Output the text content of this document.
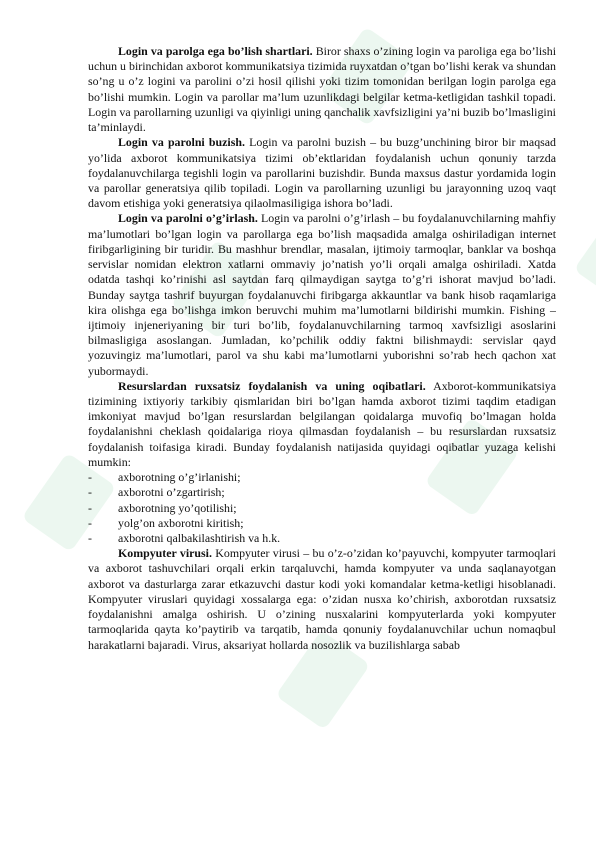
Login va parolga ega bo’lish shartlari. Biror shaxs o’zining login va paroliga ega bo’lishi uchun u birinchidan axborot kommunikatsiya tizimida ruyxatdan o’tgan bo’lishi kerak va shundan so’ng u o’z logini va parolini o’zi hosil qilishi yoki tizim tomonidan berilgan login parolga ega bo’lishi mumkin. Login va parollar ma’lum uzunlikdagi belgilar ketma-ketligidan tashkil topadi. Login va parollarning uzunligi va qiyinligi uning qanchalik xavfsizligini ya’ni buzib bo’lmasligini ta’minlaydi.

Login va parolni buzish. Login va parolni buzish – bu buzg’unchining biror bir maqsad yo’lida axborot kommunikatsiya tizimi ob’ektlaridan foydalanish uchun qonuniy tarzda foydalanuvchilarga tegishli login va parollarini buzishdir. Bunda maxsus dastur yordamida login va parollar generatsiya qilib topiladi. Login va parollarning uzunligi bu jarayonning uzoq vaqt davom etishiga yoki generatsiya qilaolmasiligiga ishora bo’ladi.

Login va parolni o’g’irlash. Login va parolni o’g’irlash – bu foydalanuvchilarning mahfiy ma’lumotlari bo’lgan login va parollarga ega bo’lish maqsadida amalga oshiriladigan internet firibgarligining bir turidir. Bu mashhur brendlar, masalan, ijtimoiy tarmoqlar, banklar va boshqa servislar nomidan elektron xatlarni ommaviy jo’natish yo’li orqali amalga oshiriladi. Xatda odatda tashqi ko’rinishi asl saytdan farq qilmaydigan saytga to’g’ri ishorat mavjud bo’ladi. Bunday saytga tashrif buyurgan foydalanuvchi firibgarga akkauntlar va bank hisob raqamlariga kira olishga ega bo’lishga imkon beruvchi muhim ma’lumotlarni bildirishi mumkin. Fishing – ijtimoiy injeneriyaning bir turi bo’lib, foydalanuvchilarning tarmoq xavfsizligi asoslarini bilmasligiga asoslangan. Jumladan, ko’pchilik oddiy faktni bilishmaydi: servislar qayd yozuvingiz ma’lumotlari, parol va shu kabi ma’lumotlarni yuborishni so’rab hech qachon xat yubormaydi.

Resurslardan ruxsatsiz foydalanish va uning oqibatlari. Axborot-kommunikatsiya tizimining ixtiyoriy tarkibiy qismlaridan biri bo’lgan hamda axborot tizimi taqdim etadigan imkoniyat mavjud bo’lgan resurslardan belgilangan qoidalarga muvofiq bo’lmagan holda foydalanishni cheklash qoidalariga rioya qilmasdan foydalanish – bu resurslardan ruxsatsiz foydalanish toifasiga kiradi. Bunday foydalanish natijasida quyidagi oqibatlar yuzaga kelishi mumkin:

- axborotning o’g’irlanishi;
- axborotni o’zgartirish;
- axborotning yo’qotilishi;
- yolg’on axborotni kiritish;
- axborotni qalbakilashtirish va h.k.

Kompyuter virusi. Kompyuter virusi – bu o’z-o’zidan ko’payuvchi, kompyuter tarmoqlari va axborot tashuvchilari orqali erkin tarqaluvchi, hamda kompyuter va unda saqlanayotgan axborot va dasturlarga zarar etkazuvchi dastur kodi yoki komandalar ketma-ketligi hisoblanadi. Kompyuter viruslari quyidagi xossalarga ega: o’zidan nusxa ko’chirish, axborotdan ruxsatsiz foydalanishni amalga oshirish. U o’zining nusxalarini kompyuterlarda yoki kompyuter tarmoqlarida qayta ko’paytirib va tarqatib, hamda qonuniy foydalanuvchilar uchun nomaqbul harakatlarni bajaradi. Virus, aksariyat hollarda nosozlik va buzilishlarga sabab
